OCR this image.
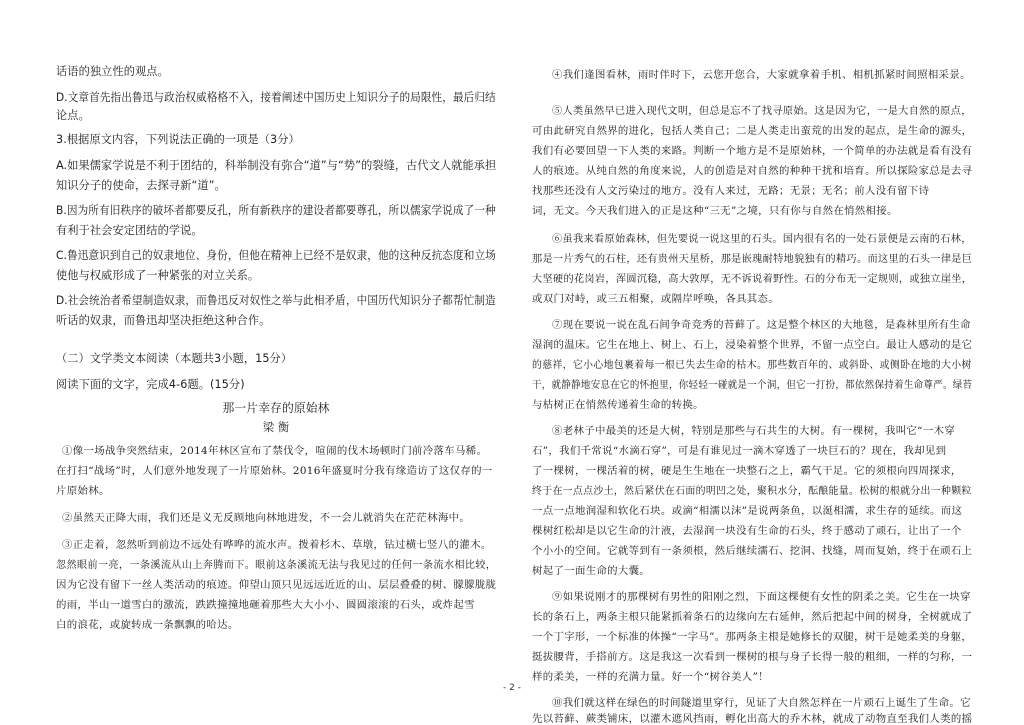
话语的独立性的观点。
D.文章首先指出鲁迅与政治权威格格不入，接着阐述中国历史上知识分子的局限性，最后归结
论点。
3.根据原文内容，下列说法正确的一项是（3分）
A.如果儒家学说是不利于团结的，科举制没有弥合“道”与“势”的裂缝，古代文人就能承担
知识分子的使命，去探寻新“道”。
B.因为所有旧秩序的破坏者都要反孔，所有新秩序的建设者都要尊孔，所以儒家学说成了一种
有利于社会安定团结的学说。
C.鲁迅意识到自己的奴隶地位、身份，但他在精神上已经不是奴隶，他的这种反抗态度和立场
使他与权威形成了一种紧张的对立关系。
D.社会统治者希望制造奴隶，而鲁迅反对奴性之举与此相矛盾，中国历代知识分子都帮忙制造
听话的奴隶，而鲁迅却坚决拒绝这种合作。
（二）文学类文本阅读（本题共3小题，15分）
阅读下面的文字，完成4-6题。(15分)
那一片幸存的原始林
梁 衡
①像一场战争突然结束，2014年林区宣布了禁伐令，喧闹的伐木场顿时门前冷落车马稀。
在打扫“战场”时，人们意外地发现了一片原始林。2016年盛夏时分我有缘造访了这仅存的一
片原始林。
②虽然天正降大雨，我们还是义无反顾地向林地进发，不一会儿就消失在茫茫林海中。
③正走着，忽然听到前边不远处有哗哗的流水声。拨着杉木、草墩，钻过横七竖八的灌木。
忽然眼前一亮，一条溪流从山上奔腾而下。眼前这条溪流无法与我见过的任何一条流水相比较，
因为它没有留下一丝人类活动的痕迹。仰望山顶只见远远近近的山、层层叠叠的树、朦朦胧胧
的雨，半山一道雪白的激流，跌跌撞撞地砸着那些大大小小、圆圆滚滚的石头，或炸起雪
白的浪花，或旋转成一条飘飘的哈达。
④我们逢图看林，雨时伴时下，云您开您合，大家就拿着手机、相机抓紧时间照相采景。
⑤人类虽然早已进入现代文明，但总是忘不了找寻原始。这是因为它，一是大自然的原点，
可由此研究自然界的进化，包括人类自己；二是人类走出蛮荒的出发的起点，是生命的源头，
我们有必要回望一下人类的来路。判断一个地方是不是原始林，一个简单的办法就是看有没有
人的痕迹。从纯自然的角度来说，人的创造是对自然的种种干扰和培育。所以探险家总是去寻
找那些还没有人文污染过的地方。没有人来过，无路；无景；无名；前人没有留下诗
词，无文。今天我们进入的正是这种“三无”之境，只有你与自然在悄然相接。
⑥虽我来看原始森林，但先要说一说这里的石头。国内很有名的一处石景便是云南的石林，
那是一片秀气的石柱，还有贵州天星桥，那是嵌瑰耐特地貌独有的精巧。而这里的石头一律是巨
大坚硬的花岗岩，浑圆沉稳，高大敦厚，无不诉说着野性。石的分布无一定规则，或独立崖坐，
或双门对峙，或三五相聚，或隔岸呼唤，各具其态。
⑦现在要说一说在乱石间争奇竞秀的苔藓了。这是整个林区的大地毯，是森林里所有生命
湿润的温床。它生在地上、树上、石上，浸染着整个世界，不留一点空白。最让人感动的是它
的慈祥，它小心地包裹着每一根已失去生命的枯木。那些数百年的、或斜卧、或侧卧在地的大小树
干，就静静地安息在它的怀抱里，你轻轻一碰就是一个洞，但它一打扮，都依然保持着生命尊严。绿苔
与枯树正在悄然传递着生命的转换。
⑧老林子中最美的还是大树，特别是那些与石共生的大树。有一棵树，我叫它“一木穿
石”，我们千常说“水滴石穿”，可是有谁见过一滴木穿透了一块巨石的？现在，我却见到
了一棵树，一棵活着的树，硬是生生地在一块整石之上，霸气干足。它的须根向四周探求，
终于在一点点沙土，然后紧伏在石面的明凹之处，聚积水分，酝酿能量。松树的根就分出一种颗粒
一点一点地润湿和软化石块。或滴“相濡以沫”是说两条鱼，以涎相濡，求生存的延续。而这
棵树红松却是以它生命的汁液，去湿润一块没有生命的石头，终于感动了顽石，让出了一个
个小小的空间。它就等到有一条须根，然后继续濡石、挖洞、找缝，周而复始，终于在顽石上
树起了一面生命的大囊。
⑨如果说刚才的那棵树有男性的阳刚之烈，下面这棵便有女性的阴柔之美。它生在一块穿
长的条石上，两条主根只能紧抓着条石的边缘向左右延伸，然后把起中间的树身，全树就成了
一个丁字形，一个标准的体操“一字马”。那两条主根是她修长的双腿，树干是她柔美的身躯，
挺拔腰背，手搭前方。这是我这一次看到一棵树的根与身子长得一般的粗细，一样的匀称，一
样的柔美，一样的充满力量。好一个“树谷美人”！
⑩我们就这样在绿色的时间隧道里穿行，见证了大自然怎样在一片顽石上诞生了生命。它
先以苔藓、蕨类铺床，以灌木遮风挡雨，孵化出高大的乔木林，就成了动物直至我们人类的摇
- 2 -
